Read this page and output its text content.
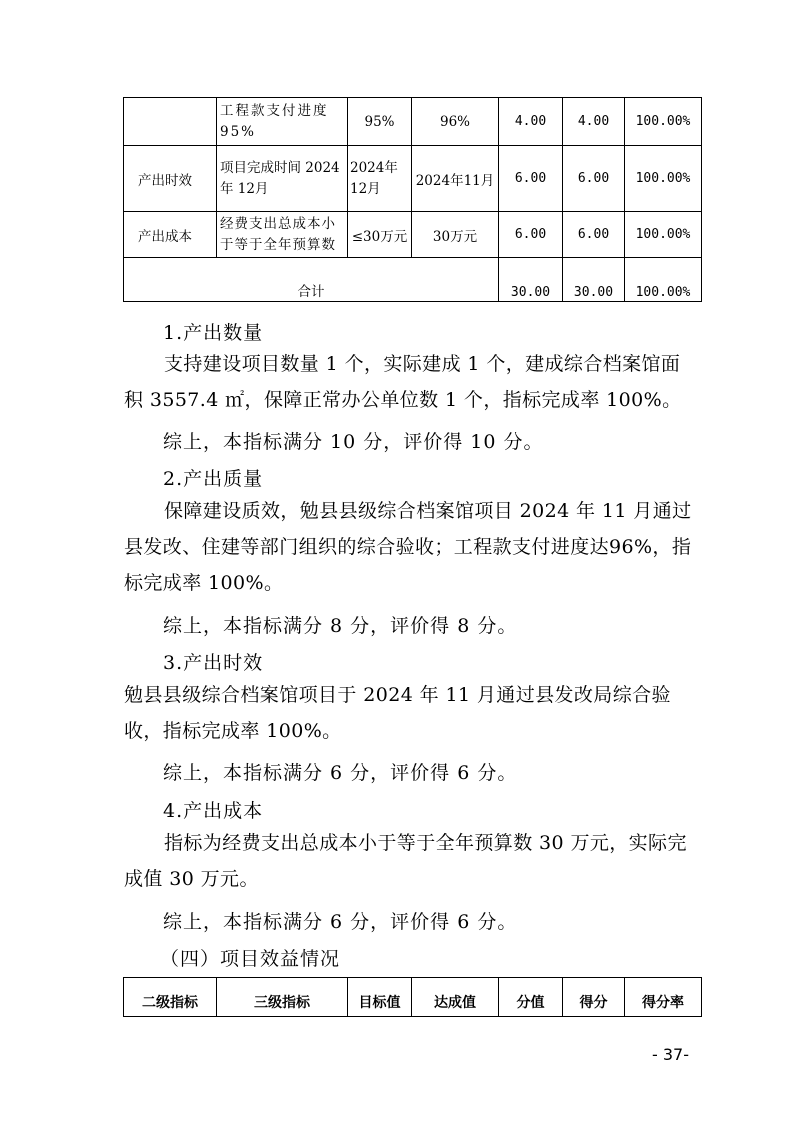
	工程款支付进度95%	95%	96%	4.00	4.00	100.00%
产出时效	项目完成时间 2024年 12月	2024年12月	2024年11月	6.00	6.00	100.00%
产出成本	经费支出总成本小于等于全年预算数	≤30万元	30万元	6.00	6.00	100.00%
合计				30.00	30.00	100.00%
1.产出数量
支持建设项目数量 1 个，实际建成 1 个，建成综合档案馆面积 3557.4 ㎡，保障正常办公单位数 1 个，指标完成率 100%。
综上，本指标满分 10 分，评价得 10 分。
2.产出质量
保障建设质效，勉县县级综合档案馆项目 2024 年 11 月通过县发改、住建等部门组织的综合验收；工程款支付进度达96%，指标完成率 100%。
综上，本指标满分 8 分，评价得 8 分。
3.产出时效
勉县县级综合档案馆项目于 2024 年 11 月通过县发改局综合验收，指标完成率 100%。
综上，本指标满分 6 分，评价得 6 分。
4.产出成本
指标为经费支出总成本小于等于全年预算数 30 万元，实际完成值 30 万元。
综上，本指标满分 6 分，评价得 6 分。
（四）项目效益情况
二级指标	三级指标	目标值	达成值	分值	得分	得分率
- 37-
